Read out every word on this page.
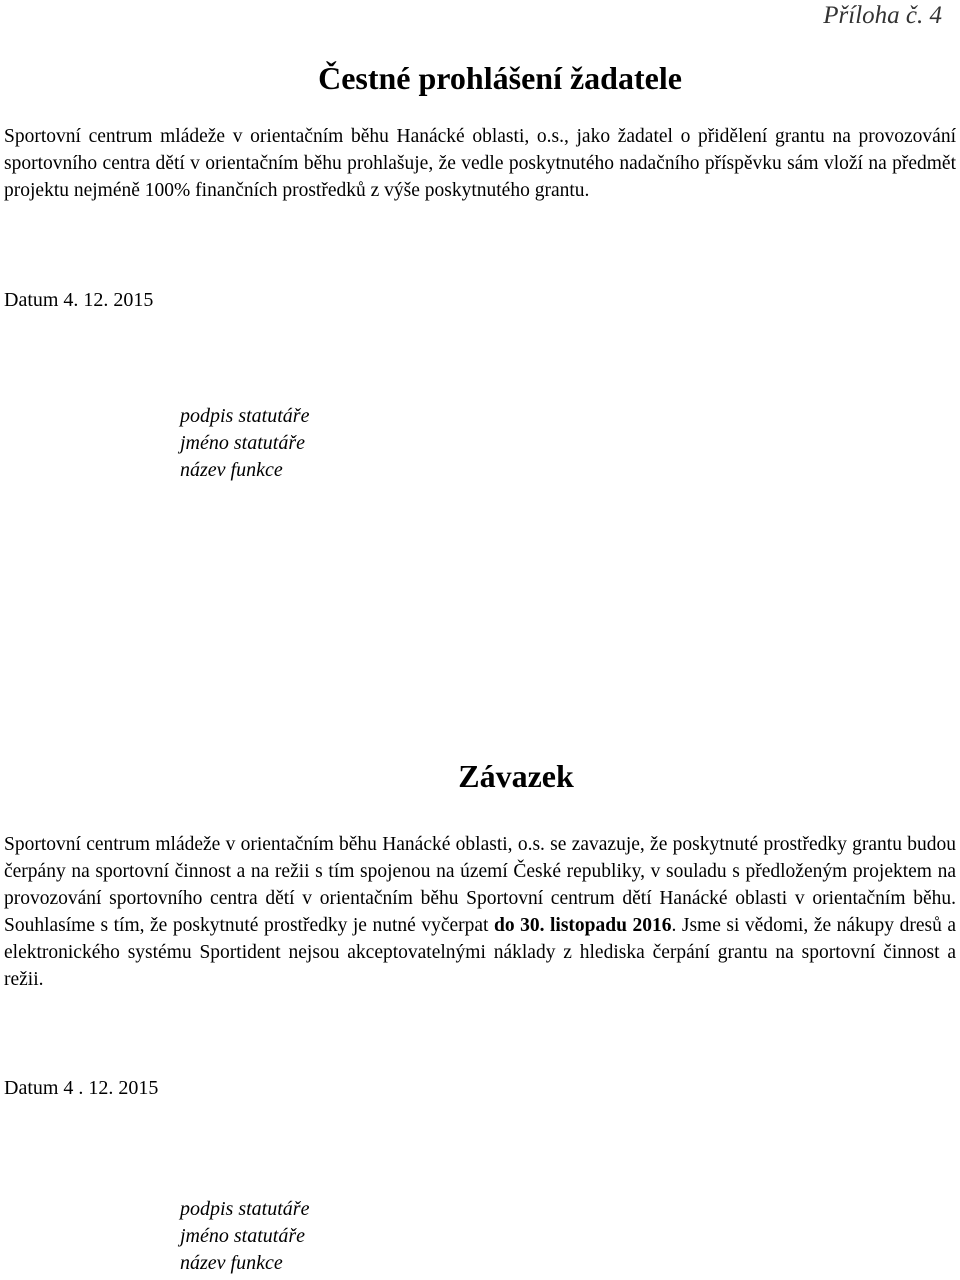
Příloha č. 4
Čestné prohlášení žadatele

Sportovní centrum mládeže v orientačním běhu Hanácké oblasti, o.s., jako žadatel o přidělení grantu na provozování sportovního centra dětí v orientačním běhu prohlašuje, že vedle poskytnutého nadačního příspěvku sám vloží na předmět projektu nejméně 100% finančních prostředků z výše poskytnutého grantu.

Datum 4. 12. 2015

podpis statutáře
jméno statutáře
název funkce
Závazek

Sportovní centrum mládeže v orientačním běhu Hanácké oblasti, o.s. se zavazuje, že poskytnuté prostředky grantu budou čerpány na sportovní činnost a na režii s tím spojenou na území České republiky, v souladu s předloženým projektem na provozování sportovního centra dětí v orientačním běhu Sportovní centrum dětí Hanácké oblasti v orientačním běhu. Souhlasíme s tím, že poskytnuté prostředky je nutné vyčerpat do 30. listopadu 2016. Jsme si vědomi, že nákupy dresů a elektronického systému Sportident nejsou akceptovatelnými náklady z hlediska čerpání grantu na sportovní činnost a režii.

Datum 4 . 12. 2015

podpis statutáře
jméno statutáře
název funkce
